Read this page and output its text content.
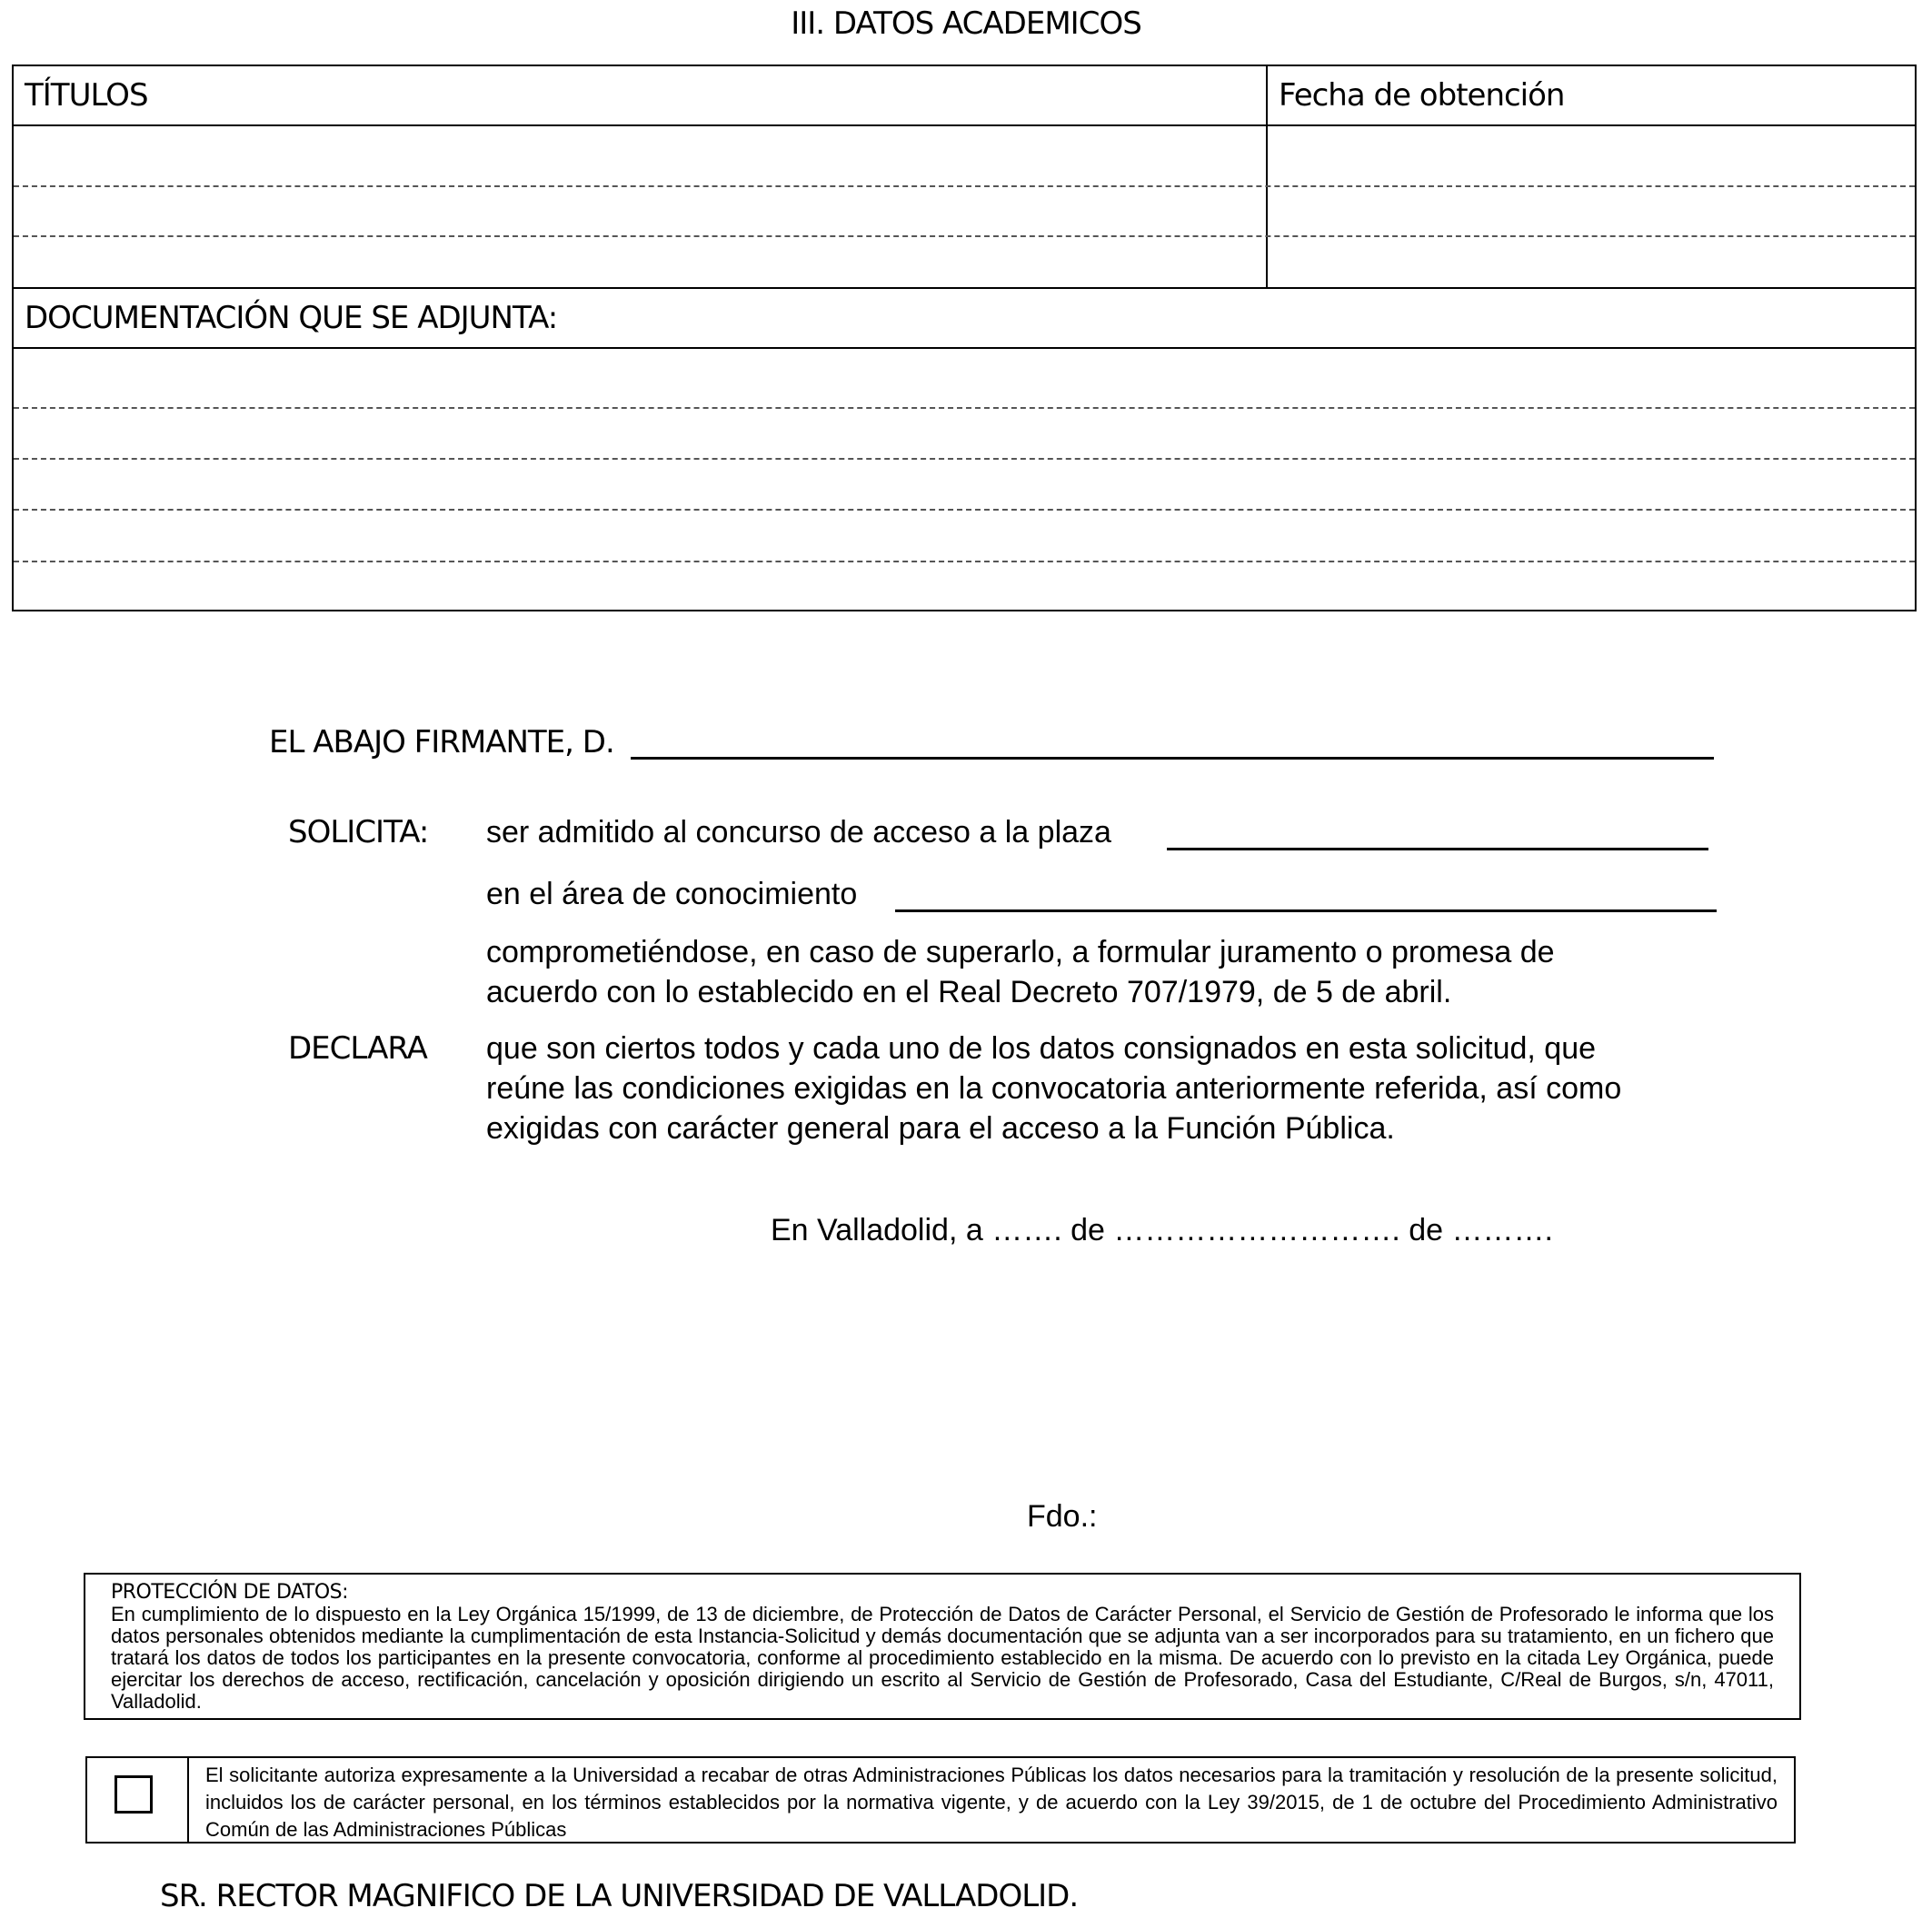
III. DATOS ACADEMICOS
TÍTULOS	Fecha de obtención
DOCUMENTACIÓN QUE SE ADJUNTA:
EL ABAJO FIRMANTE, D.
SOLICITA: ser admitido al concurso de acceso a la plaza
en el área de conocimiento
comprometiéndose, en caso de superarlo, a formular juramento o promesa de
acuerdo con lo establecido en el Real Decreto 707/1979, de 5 de abril.
DECLARA que son ciertos todos y cada uno de los datos consignados en esta solicitud, que
reúne las condiciones exigidas en la convocatoria anteriormente referida, así como
exigidas con carácter general para el acceso a la Función Pública.
En Valladolid, a ……. de ………………………. de ……….
Fdo.:
PROTECCIÓN DE DATOS:
En cumplimiento de lo dispuesto en la Ley Orgánica 15/1999, de 13 de diciembre, de Protección de Datos de Carácter Personal, el Servicio de Gestión de Profesorado le informa que los datos personales obtenidos mediante la cumplimentación de esta Instancia-Solicitud y demás documentación que se adjunta van a ser incorporados para su tratamiento, en un fichero que tratará los datos de todos los participantes en la presente convocatoria, conforme al procedimiento establecido en la misma. De acuerdo con lo previsto en la citada Ley Orgánica, puede ejercitar los derechos de acceso, rectificación, cancelación y oposición dirigiendo un escrito al Servicio de Gestión de Profesorado, Casa del Estudiante, C/Real de Burgos, s/n, 47011, Valladolid.
El solicitante autoriza expresamente a la Universidad a recabar de otras Administraciones Públicas los datos necesarios para la tramitación y resolución de la presente solicitud, incluidos los de carácter personal, en los términos establecidos por la normativa vigente, y de acuerdo con la Ley 39/2015, de 1 de octubre del Procedimiento Administrativo Común de las Administraciones Públicas
SR. RECTOR MAGNIFICO DE LA UNIVERSIDAD DE VALLADOLID.
